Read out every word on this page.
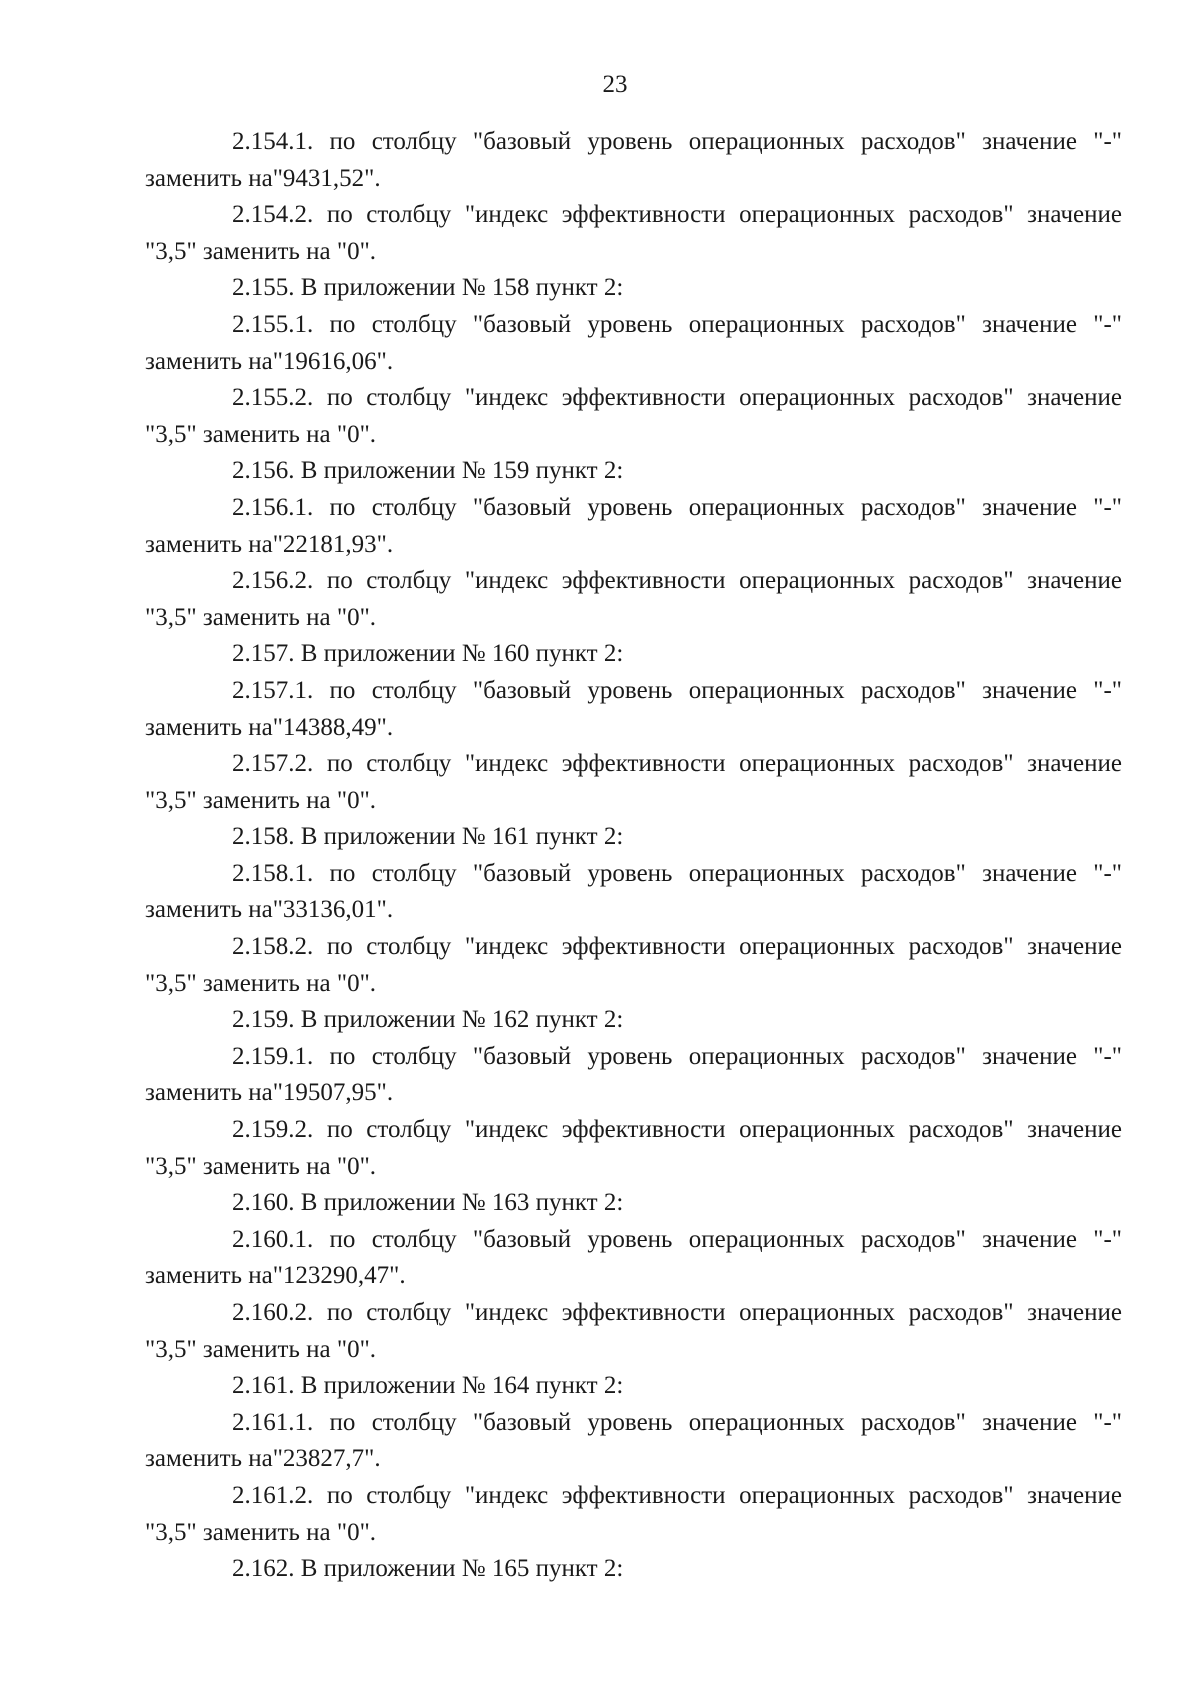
23

2.154.1. по столбцу "базовый уровень операционных расходов" значение "-" заменить на"9431,52".

2.154.2. по столбцу "индекс эффективности операционных расходов" значение "3,5" заменить на "0".

2.155. В приложении № 158 пункт 2:

2.155.1. по столбцу "базовый уровень операционных расходов" значение "-" заменить на"19616,06".

2.155.2. по столбцу "индекс эффективности операционных расходов" значение "3,5" заменить на "0".

2.156. В приложении № 159 пункт 2:

2.156.1. по столбцу "базовый уровень операционных расходов" значение "-" заменить на"22181,93".

2.156.2. по столбцу "индекс эффективности операционных расходов" значение "3,5" заменить на "0".

2.157. В приложении № 160 пункт 2:

2.157.1. по столбцу "базовый уровень операционных расходов" значение "-" заменить на"14388,49".

2.157.2. по столбцу "индекс эффективности операционных расходов" значение "3,5" заменить на "0".

2.158. В приложении № 161 пункт 2:

2.158.1. по столбцу "базовый уровень операционных расходов" значение "-" заменить на"33136,01".

2.158.2. по столбцу "индекс эффективности операционных расходов" значение "3,5" заменить на "0".

2.159. В приложении № 162 пункт 2:

2.159.1. по столбцу "базовый уровень операционных расходов" значение "-" заменить на"19507,95".

2.159.2. по столбцу "индекс эффективности операционных расходов" значение "3,5" заменить на "0".

2.160. В приложении № 163 пункт 2:

2.160.1. по столбцу "базовый уровень операционных расходов" значение "-" заменить на"123290,47".

2.160.2. по столбцу "индекс эффективности операционных расходов" значение "3,5" заменить на "0".

2.161. В приложении № 164 пункт 2:

2.161.1. по столбцу "базовый уровень операционных расходов" значение "-" заменить на"23827,7".

2.161.2. по столбцу "индекс эффективности операционных расходов" значение "3,5" заменить на "0".

2.162. В приложении № 165 пункт 2:
